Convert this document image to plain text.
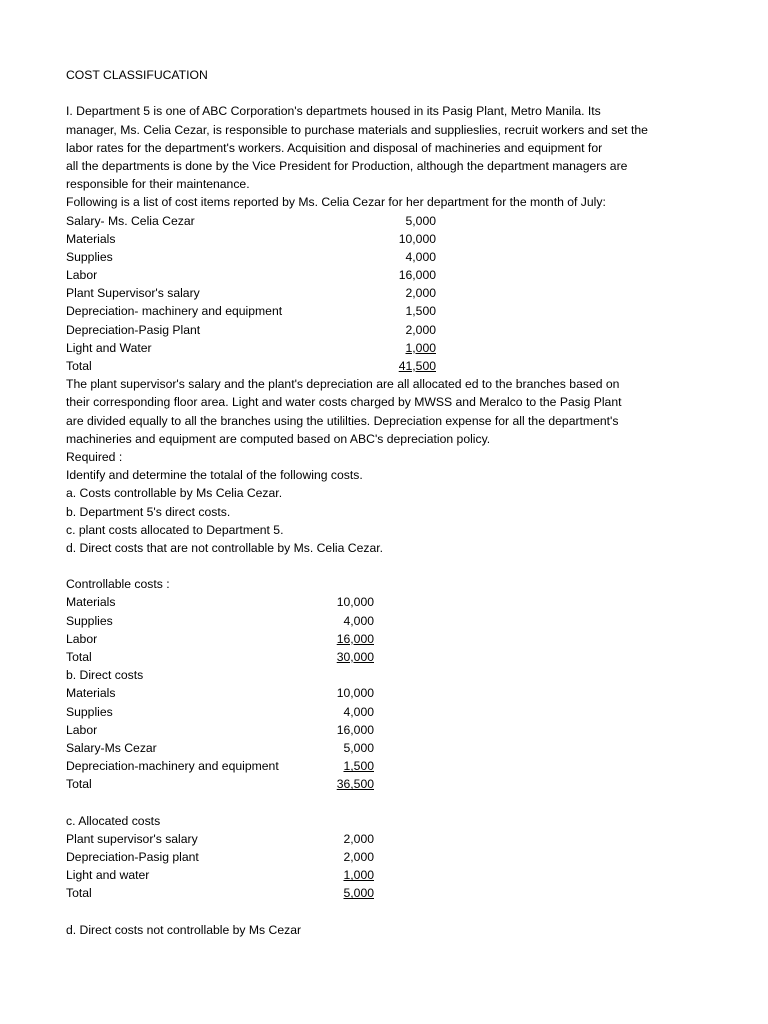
COST CLASSIFUCATION
I. Department 5 is one of ABC Corporation's departmets housed in its Pasig Plant, Metro Manila. Its
manager, Ms. Celia Cezar, is responsible to purchase materials and supplieslies, recruit workers and set the
labor rates for the department's workers. Acquisition and disposal of machineries and equipment for
all the departments is done by the Vice President for Production, although the department managers are
responsible for their maintenance.
Following is a list of cost items reported by Ms. Celia Cezar for her department for the month of July:
Salary- Ms. Celia Cezar	5,000
Materials	10,000
Supplies	4,000
Labor	16,000
Plant Supervisor's salary	2,000
Depreciation- machinery and equipment	1,500
Depreciation-Pasig Plant	2,000
Light and Water	1,000
Total	41,500
The plant supervisor's salary and the plant's depreciation are all allocated ed to the branches based on
their corresponding floor area. Light and water costs charged by MWSS and Meralco to the Pasig Plant
are divided equally to all the branches using the utililties. Depreciation expense for all the department's
machineries and equipment are computed based on ABC's depreciation policy.
Required :
Identify and determine the totalal of the following costs.
a. Costs controllable by Ms Celia Cezar.
b. Department 5's direct costs.
c. plant costs allocated to Department 5.
d. Direct costs that are not controllable by Ms. Celia Cezar.
Controllable costs :
Materials	10,000
Supplies	4,000
Labor	16,000
Total	30,000
b. Direct costs
Materials	10,000
Supplies	4,000
Labor	16,000
Salary-Ms Cezar	5,000
Depreciation-machinery and equipment	1,500
Total	36,500
c. Allocated costs
Plant supervisor's salary	2,000
Depreciation-Pasig plant	2,000
Light and water	1,000
Total	5,000
d. Direct costs not controllable by Ms Cezar
